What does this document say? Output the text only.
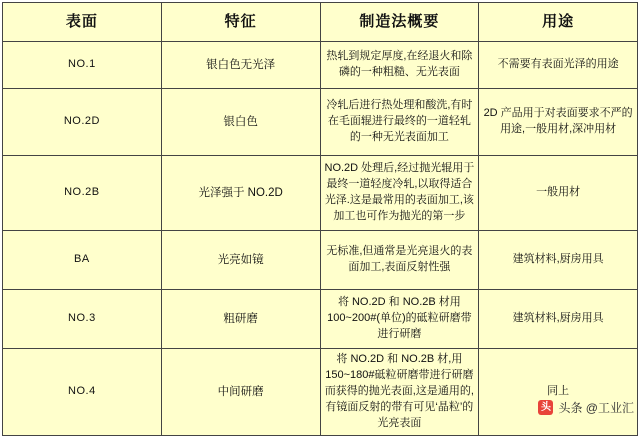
表面	特征	制造法概要	用途
NO.1	银白色无光泽	热轧到规定厚度,在经退火和除磷的一种粗糙、无光表面	不需要有表面光泽的用途
NO.2D	银白色	冷轧后进行热处理和酸洗,有时在毛面辊进行最终的一道轻轧的一种无光表面加工	2D 产品用于对表面要求不严的用途,一般用材,深冲用材
NO.2B	光泽强于 NO.2D	NO.2D 处理后,经过抛光辊用于最终一道轻度冷轧,以取得适合光泽.这是最常用的表面加工,该加工也可作为抛光的第一步	一般用材
BA	光亮如镜	无标准,但通常是光亮退火的表面加工,表面反射性强	建筑材料,厨房用具
NO.3	粗研磨	将 NO.2D 和 NO.2B 材用 100~200#(单位)的砥粒研磨带进行研磨	建筑材料,厨房用具
NO.4	中间研磨	将 NO.2D 和 NO.2B 材,用 150~180#砥粒研磨带进行研磨而获得的抛光表面,这是通用的,有镜面反射的带有可见‘晶粒’的光亮表面	同上
头 头条 @工业汇
